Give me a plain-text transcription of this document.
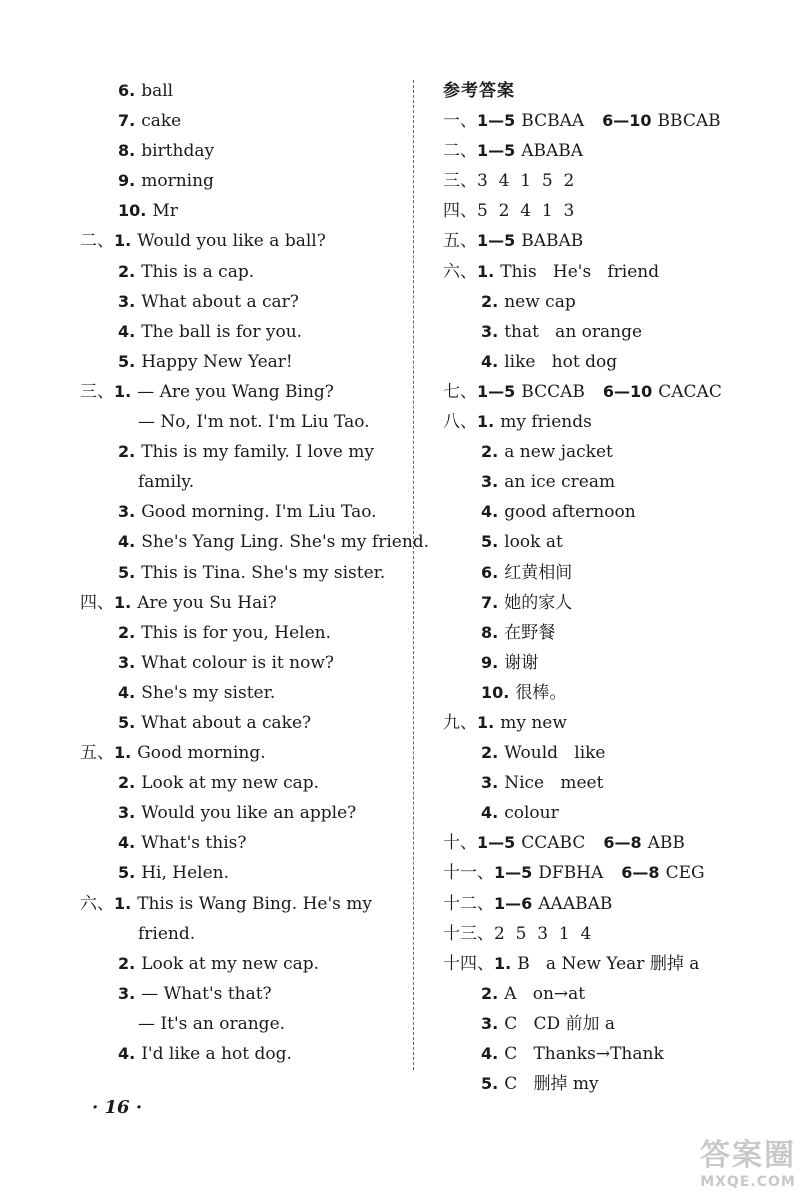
6. ball
7. cake
8. birthday
9. morning
10. Mr
二、 1. Would you like a ball?
2. This is a cap.
3. What about a car?
4. The ball is for you.
5. Happy New Year!
三、 1. — Are you Wang Bing?
— No, I'm not. I'm Liu Tao.
2. This is my family. I love my
family.
3. Good morning. I'm Liu Tao.
4. She's Yang Ling. She's my friend.
5. This is Tina. She's my sister.
四、 1. Are you Su Hai?
2. This is for you, Helen.
3. What colour is it now?
4. She's my sister.
5. What about a cake?
五、 1. Good morning.
2. Look at my new cap.
3. Would you like an apple?
4. What's this?
5. Hi, Helen.
六、 1. This is Wang Bing. He's my
friend.
2. Look at my new cap.
3. — What's that?
— It's an orange.
4. I'd like a hot dog.
参考答案
一、 1—5 BCBAA 6—10 BBCAB
二、 1—5 ABABA
三、 3  4  1  5  2
四、 5  2  4  1  3
五、 1—5 BABAB
六、 1. This   He's   friend
2. new cap
3. that   an orange
4. like   hot dog
七、 1—5 BCCAB 6—10 CACAC
八、 1. my friends
2. a new jacket
3. an ice cream
4. good afternoon
5. look at
6. 红黄相间
7. 她的家人
8. 在野餐
9. 谢谢
10. 很棒。
九、 1. my new
2. Would   like
3. Nice   meet
4. colour
十、 1—5 CCABC 6—8 ABB
十一、 1—5 DFBHA 6—8 CEG
十二、 1—6 AAABAB
十三、 2  5  3  1  4
十四、 1. B   a New Year 删掉 a
2. A   on→at
3. C   CD 前加 a
4. C   Thanks→Thank
5. C   删掉 my
· 16 ·
答案圈
MXQE.COM
